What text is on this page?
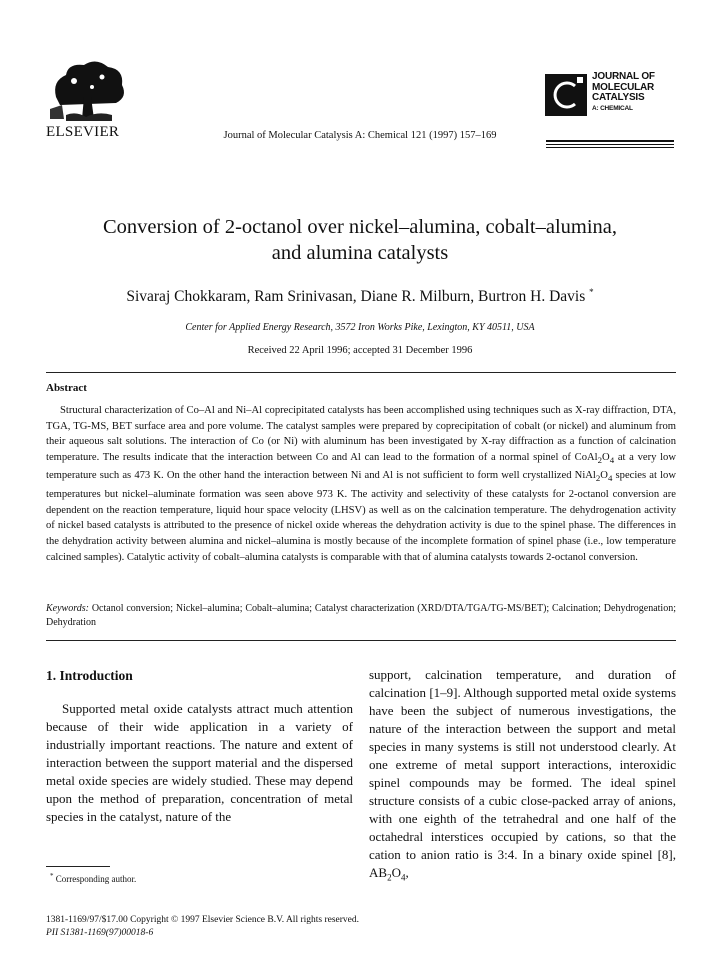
ELSEVIER	Journal of Molecular Catalysis A: Chemical 121 (1997) 157–169
JOURNAL OF
MOLECULAR
CATALYSIS
A: CHEMICAL
Conversion of 2-octanol over nickel–alumina, cobalt–alumina,
and alumina catalysts
Sivaraj Chokkaram, Ram Srinivasan, Diane R. Milburn, Burtron H. Davis *
Center for Applied Energy Research, 3572 Iron Works Pike, Lexington, KY 40511, USA
Received 22 April 1996; accepted 31 December 1996
Abstract
Structural characterization of Co–Al and Ni–Al coprecipitated catalysts has been accomplished using techniques such as X-ray diffraction, DTA, TGA, TG-MS, BET surface area and pore volume. The catalyst samples were prepared by coprecipitation of cobalt (or nickel) and aluminum from their aqueous salt solutions. The interaction of Co (or Ni) with aluminum has been investigated by X-ray diffraction as a function of calcination temperature. The results indicate that the interaction between Co and Al can lead to the formation of a normal spinel of $CoAl_2O_4$ at a very low temperature such as 473 K. On the other hand the interaction between Ni and Al is not sufficient to form well crystallized $NiAl_2O_4$ species at low temperatures but nickel–aluminate formation was seen above 973 K. The activity and selectivity of these catalysts for 2-octanol conversion are dependent on the reaction temperature, liquid hour space velocity (LHSV) as well as on the calcination temperature. The dehydrogenation activity of nickel based catalysts is attributed to the presence of nickel oxide whereas the dehydration activity is due to the spinel phase. The differences in the dehydration activity between alumina and nickel–alumina is mostly because of the incomplete formation of spinel phase (i.e., low temperature calcined samples). Catalytic activity of cobalt–alumina catalysts is comparable with that of alumina catalysts towards 2-octanol conversion.
Keywords: Octanol conversion; Nickel–alumina; Cobalt–alumina; Catalyst characterization (XRD/DTA/TGA/TG-MS/BET); Calcination; Dehydrogenation; Dehydration
1. Introduction
Supported metal oxide catalysts attract much attention because of their wide application in a variety of industrially important reactions. The nature and extent of interaction between the support material and the dispersed metal oxide species are widely studied. These may depend upon the method of preparation, concentration of metal species in the catalyst, nature of the
support, calcination temperature, and duration of calcination [1–9]. Although supported metal oxide systems have been the subject of numerous investigations, the nature of the interaction between the support and metal species in many systems is still not understood clearly. At one extreme of metal support interactions, interoxidic spinel compounds may be formed. The ideal spinel structure consists of a cubic close-packed array of anions, with one eighth of the tetrahedral and one half of the octahedral interstices occupied by cations, so that the cation to anion ratio is 3:4. In a binary oxide spinel [8], $AB_2O_4$,
* Corresponding author.
1381-1169/97/$17.00 Copyright © 1997 Elsevier Science B.V. All rights reserved.
PII S1381-1169(97)00018-6
